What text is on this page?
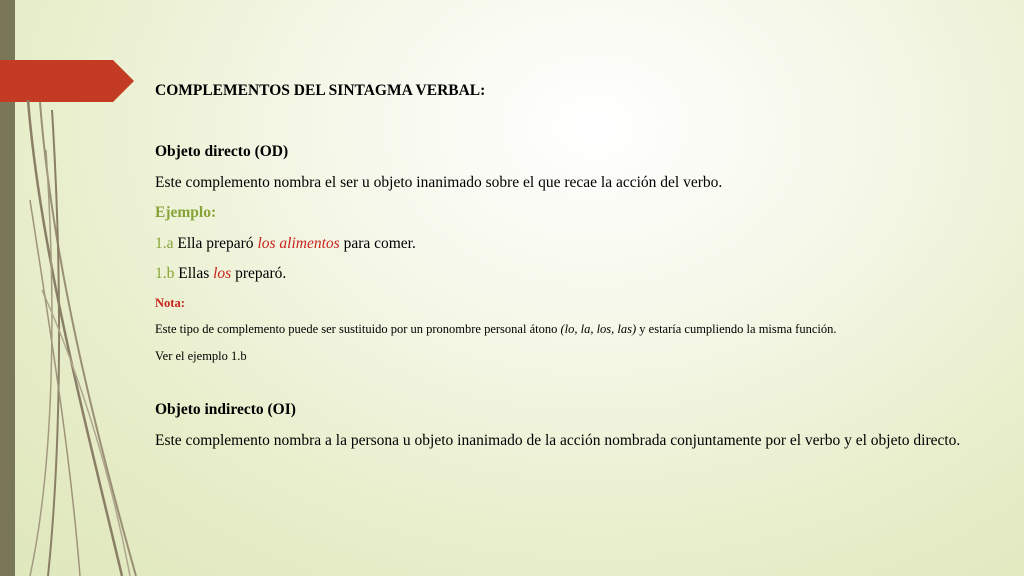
COMPLEMENTOS DEL SINTAGMA VERBAL:
Objeto directo (OD)
Este complemento nombra el ser u objeto inanimado sobre el que recae la acción del verbo.
Ejemplo:
1.a Ella preparó los alimentos para comer.
1.b Ellas los preparó.
Nota:
Este tipo de complemento puede ser sustituido por un pronombre personal átono (lo, la, los, las) y estaría cumpliendo la misma función.
Ver el ejemplo 1.b
Objeto indirecto (OI)
Este complemento nombra a la persona u objeto inanimado de la acción nombrada conjuntamente por el verbo y el objeto directo.
